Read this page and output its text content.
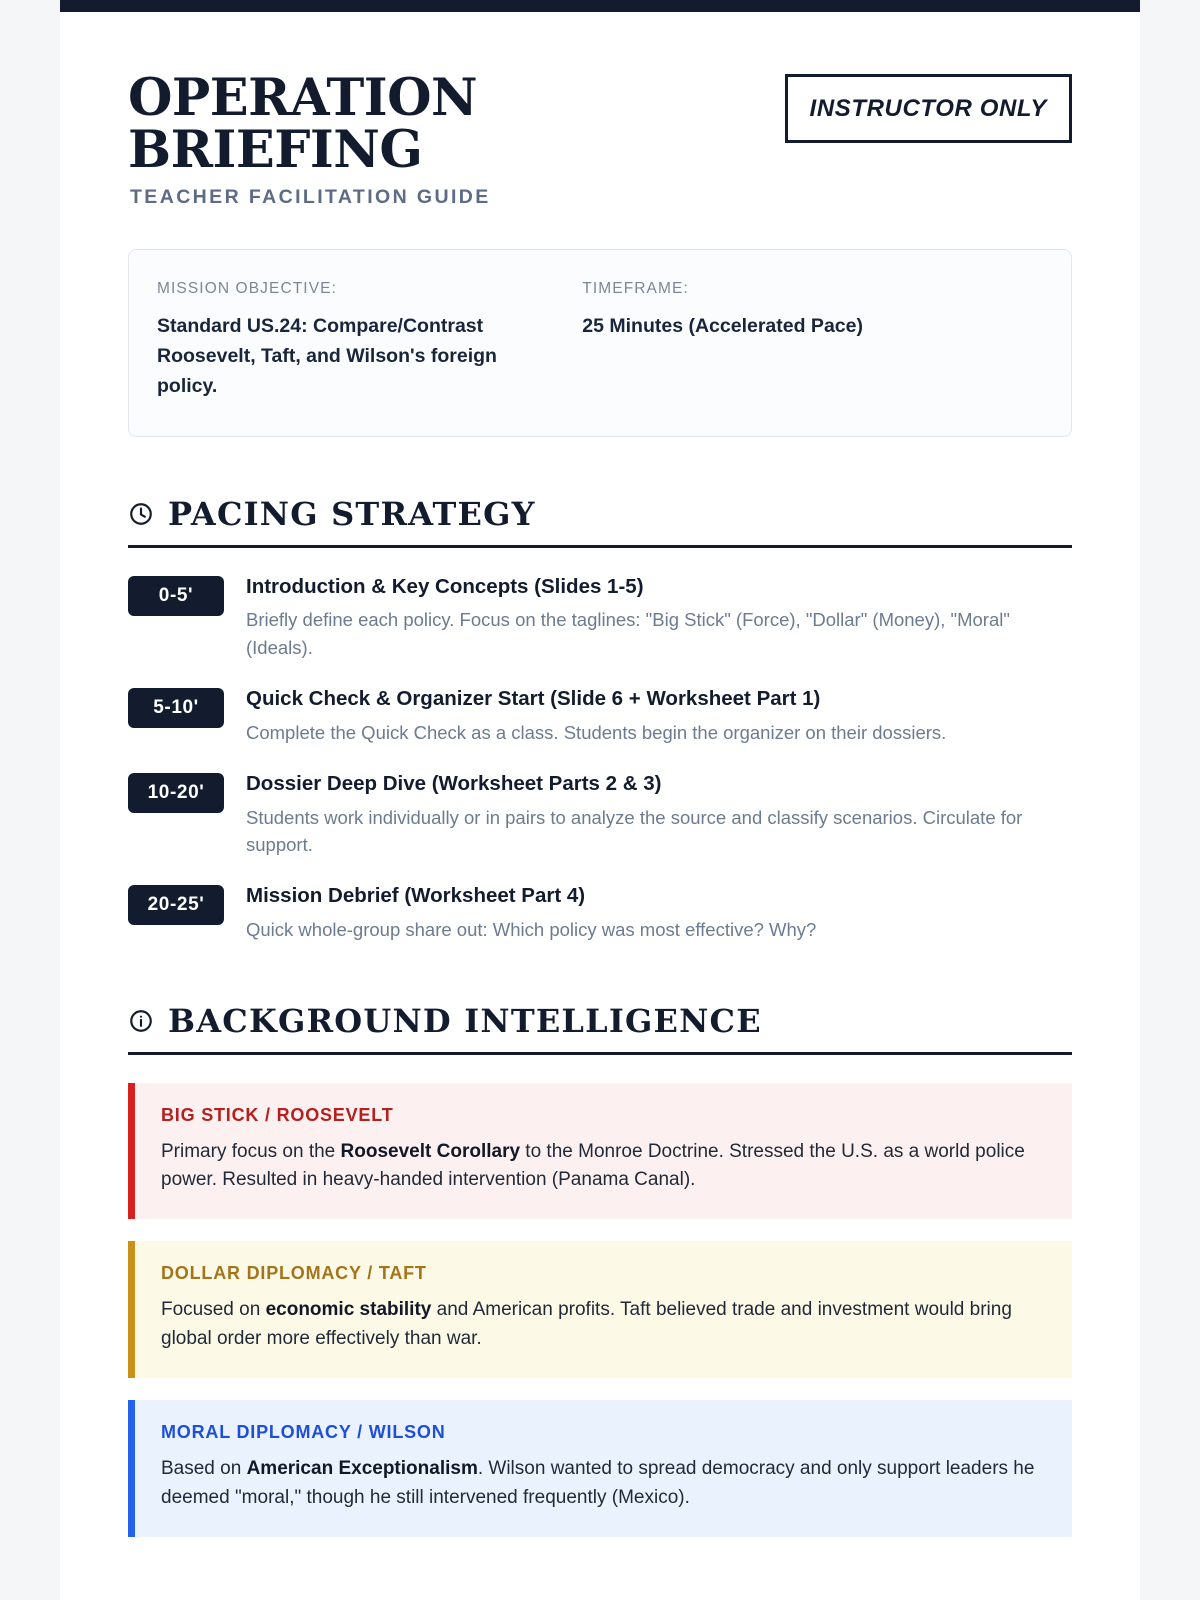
OPERATION BRIEFING
TEACHER FACILITATION GUIDE
INSTRUCTOR ONLY
MISSION OBJECTIVE:
Standard US.24: Compare/Contrast Roosevelt, Taft, and Wilson's foreign policy.
TIMEFRAME:
25 Minutes (Accelerated Pace)
PACING STRATEGY
0-5'	Introduction & Key Concepts (Slides 1-5)
Briefly define each policy. Focus on the taglines: "Big Stick" (Force), "Dollar" (Money), "Moral" (Ideals).
5-10'	Quick Check & Organizer Start (Slide 6 + Worksheet Part 1)
Complete the Quick Check as a class. Students begin the organizer on their dossiers.
10-20'	Dossier Deep Dive (Worksheet Parts 2 & 3)
Students work individually or in pairs to analyze the source and classify scenarios. Circulate for support.
20-25'	Mission Debrief (Worksheet Part 4)
Quick whole-group share out: Which policy was most effective? Why?
BACKGROUND INTELLIGENCE
BIG STICK / ROOSEVELT
Primary focus on the Roosevelt Corollary to the Monroe Doctrine. Stressed the U.S. as a world police power. Resulted in heavy-handed intervention (Panama Canal).
DOLLAR DIPLOMACY / TAFT
Focused on economic stability and American profits. Taft believed trade and investment would bring global order more effectively than war.
MORAL DIPLOMACY / WILSON
Based on American Exceptionalism. Wilson wanted to spread democracy and only support leaders he deemed "moral," though he still intervened frequently (Mexico).
